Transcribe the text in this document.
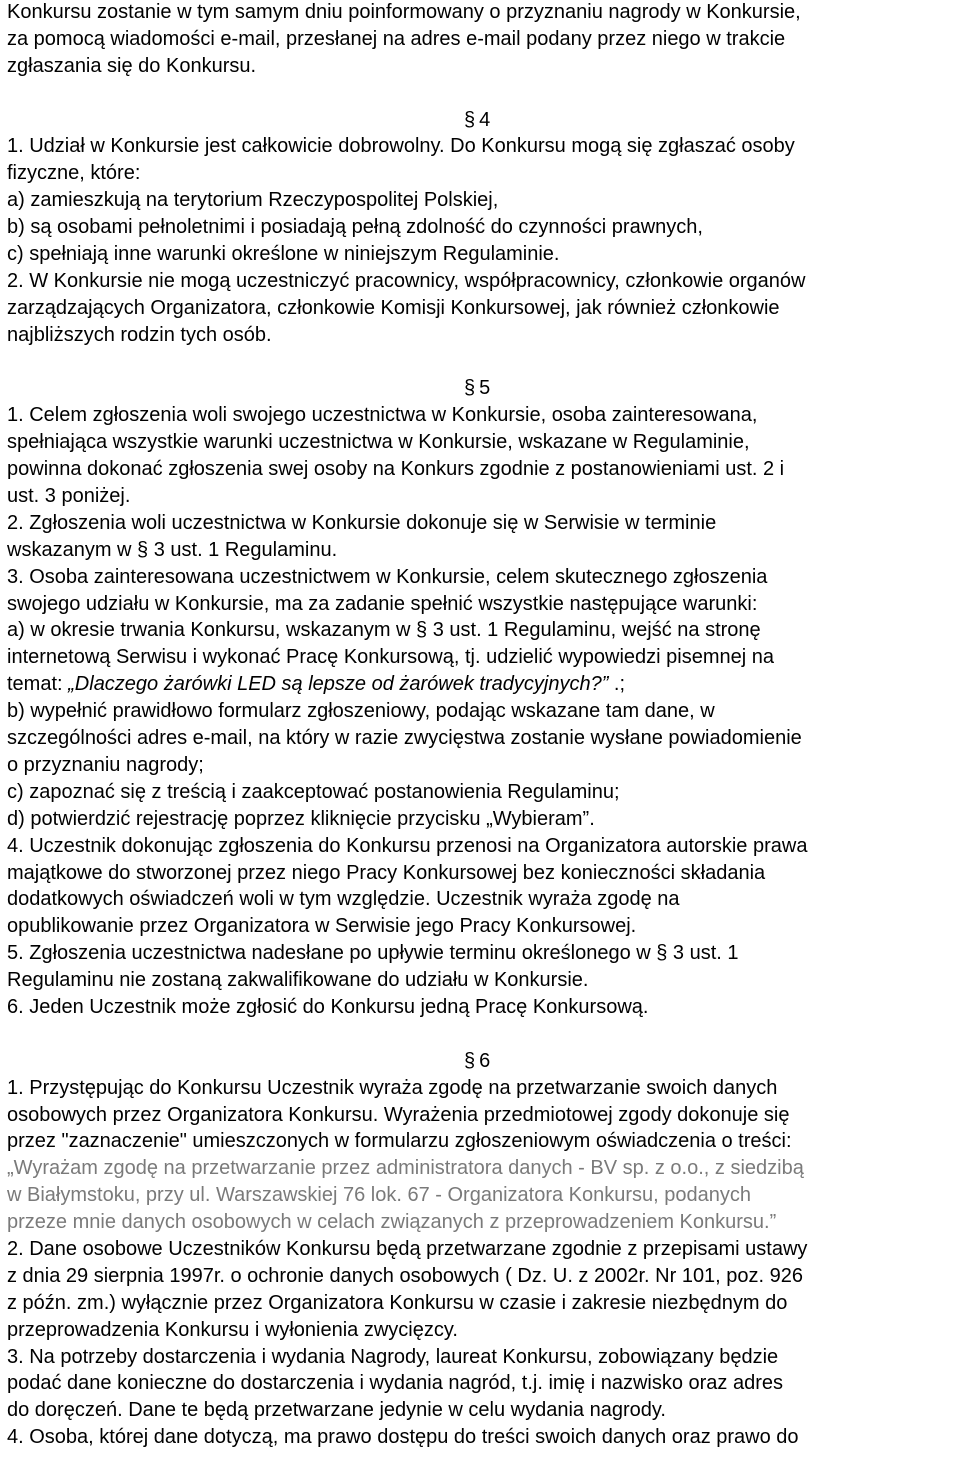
Konkursu zostanie w tym samym dniu poinformowany o przyznaniu nagrody w Konkursie,
za pomocą wiadomości e-mail, przesłanej na adres e-mail podany przez niego w trakcie
zgłaszania się do Konkursu.
§ 4
1. Udział w Konkursie jest całkowicie dobrowolny. Do Konkursu mogą się zgłaszać osoby
fizyczne, które:
a) zamieszkują na terytorium Rzeczypospolitej Polskiej,
b) są osobami pełnoletnimi i posiadają pełną zdolność do czynności prawnych,
c) spełniają inne warunki określone w niniejszym Regulaminie.
2. W Konkursie nie mogą uczestniczyć pracownicy, współpracownicy, członkowie organów
zarządzających Organizatora, członkowie Komisji Konkursowej, jak również członkowie
najbliższych rodzin tych osób.
§ 5
1. Celem zgłoszenia woli swojego uczestnictwa w Konkursie, osoba zainteresowana,
spełniająca wszystkie warunki uczestnictwa w Konkursie, wskazane w Regulaminie,
powinna dokonać zgłoszenia swej osoby na Konkurs zgodnie z postanowieniami ust. 2 i
ust. 3 poniżej.
2. Zgłoszenia woli uczestnictwa w Konkursie dokonuje się w Serwisie w terminie
wskazanym w § 3 ust. 1 Regulaminu.
3. Osoba zainteresowana uczestnictwem w Konkursie, celem skutecznego zgłoszenia
swojego udziału w Konkursie, ma za zadanie spełnić wszystkie następujące warunki:
a) w okresie trwania Konkursu, wskazanym w § 3 ust. 1 Regulaminu, wejść na stronę
internetową Serwisu i wykonać Pracę Konkursową, tj. udzielić wypowiedzi pisemnej na
temat: „Dlaczego żarówki LED są lepsze od żarówek tradycyjnych?” .;
b) wypełnić prawidłowo formularz zgłoszeniowy, podając wskazane tam dane, w
szczególności adres e-mail, na który w razie zwycięstwa zostanie wysłane powiadomienie
o przyznaniu nagrody;
c) zapoznać się z treścią i zaakceptować postanowienia Regulaminu;
d) potwierdzić rejestrację poprzez kliknięcie przycisku „Wybieram”.
4. Uczestnik dokonując zgłoszenia do Konkursu przenosi na Organizatora autorskie prawa
majątkowe do stworzonej przez niego Pracy Konkursowej bez konieczności składania
dodatkowych oświadczeń woli w tym względzie. Uczestnik wyraża zgodę na
opublikowanie przez Organizatora w Serwisie jego Pracy Konkursowej.
5. Zgłoszenia uczestnictwa nadesłane po upływie terminu określonego w § 3 ust. 1
Regulaminu nie zostaną zakwalifikowane do udziału w Konkursie.
6. Jeden Uczestnik może zgłosić do Konkursu jedną Pracę Konkursową.
§ 6
1. Przystępując do Konkursu Uczestnik wyraża zgodę na przetwarzanie swoich danych
osobowych przez Organizatora Konkursu. Wyrażenia przedmiotowej zgody dokonuje się
przez "zaznaczenie" umieszczonych w formularzu zgłoszeniowym oświadczenia o treści:
„Wyrażam zgodę na przetwarzanie przez administratora danych - BV sp. z o.o., z siedzibą
w Białymstoku, przy ul. Warszawskiej 76 lok. 67 - Organizatora Konkursu, podanych
przeze mnie danych osobowych w celach związanych z przeprowadzeniem Konkursu.”
2. Dane osobowe Uczestników Konkursu będą przetwarzane zgodnie z przepisami ustawy
z dnia 29 sierpnia 1997r. o ochronie danych osobowych ( Dz. U. z 2002r. Nr 101, poz. 926
z późn. zm.) wyłącznie przez Organizatora Konkursu w czasie i zakresie niezbędnym do
przeprowadzenia Konkursu i wyłonienia zwycięzcy.
3. Na potrzeby dostarczenia i wydania Nagrody, laureat Konkursu, zobowiązany będzie
podać dane konieczne do dostarczenia i wydania nagród, t.j. imię i nazwisko oraz adres
do doręczeń. Dane te będą przetwarzane jedynie w celu wydania nagrody.
4. Osoba, której dane dotyczą, ma prawo dostępu do treści swoich danych oraz prawo do
